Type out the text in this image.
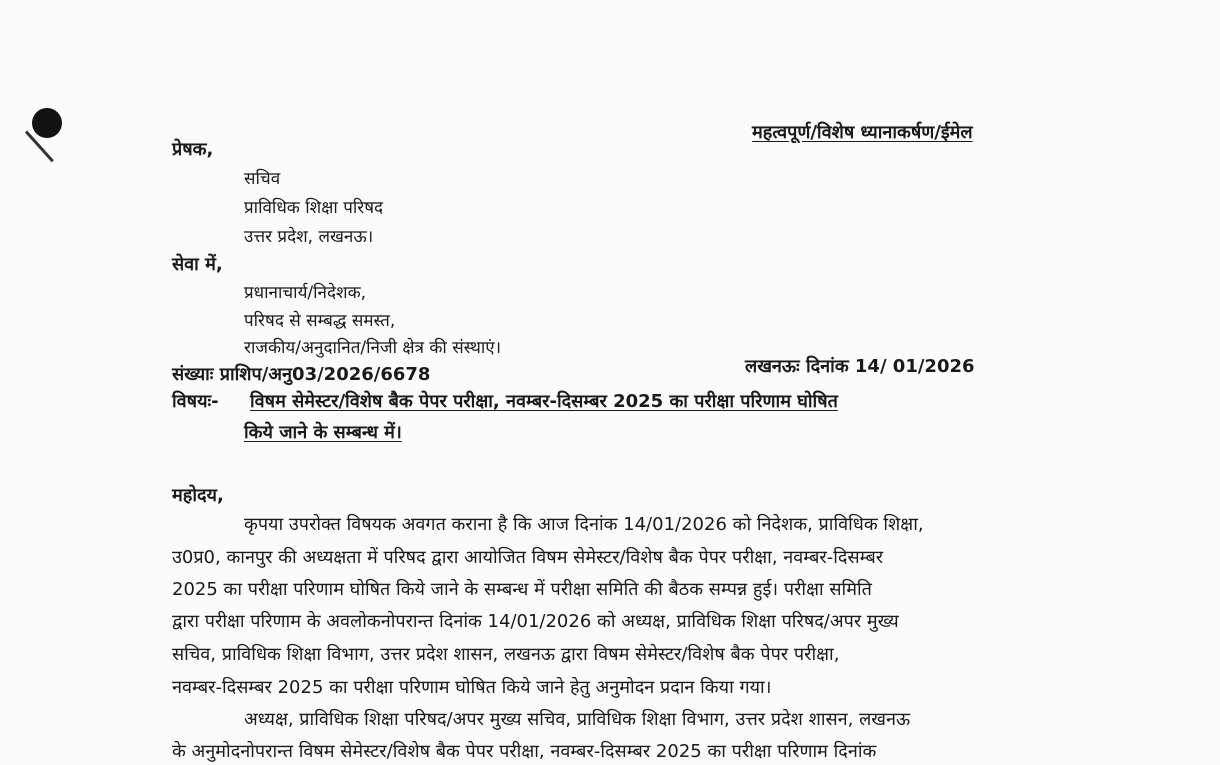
महत्वपूर्ण/विशेष ध्यानाकर्षण/ईमेल
प्रेषक,
सचिव
प्राविधिक शिक्षा परिषद
उत्तर प्रदेश, लखनऊ।
सेवा में,
प्रधानाचार्य/निदेशक,
परिषद से सम्बद्ध समस्त,
राजकीय/अनुदानित/निजी क्षेत्र की संस्थाएं।
संख्याः प्राशिप/अनु03/2026/6678	लखनऊः दिनांक 14/ 01/2026
विषयः- विषम सेमेस्टर/विशेष बैक पेपर परीक्षा, नवम्बर-दिसम्बर 2025 का परीक्षा परिणाम घोषित
किये जाने के सम्बन्ध में।
महोदय,
कृपया उपरोक्त विषयक अवगत कराना है कि आज दिनांक 14/01/2026 को निदेशक, प्राविधिक शिक्षा,
उ0प्र0, कानपुर की अध्यक्षता में परिषद द्वारा आयोजित विषम सेमेस्टर/विशेष बैक पेपर परीक्षा, नवम्बर-दिसम्बर
2025 का परीक्षा परिणाम घोषित किये जाने के सम्बन्ध में परीक्षा समिति की बैठक सम्पन्न हुई। परीक्षा समिति
द्वारा परीक्षा परिणाम के अवलोकनोपरान्त दिनांक 14/01/2026 को अध्यक्ष, प्राविधिक शिक्षा परिषद/अपर मुख्य
सचिव, प्राविधिक शिक्षा विभाग, उत्तर प्रदेश शासन, लखनऊ द्वारा विषम सेमेस्टर/विशेष बैक पेपर परीक्षा,
नवम्बर-दिसम्बर 2025 का परीक्षा परिणाम घोषित किये जाने हेतु अनुमोदन प्रदान किया गया।
अध्यक्ष, प्राविधिक शिक्षा परिषद/अपर मुख्य सचिव, प्राविधिक शिक्षा विभाग, उत्तर प्रदेश शासन, लखनऊ
के अनुमोदनोपरान्त विषम सेमेस्टर/विशेष बैक पेपर परीक्षा, नवम्बर-दिसम्बर 2025 का परीक्षा परिणाम दिनांक
